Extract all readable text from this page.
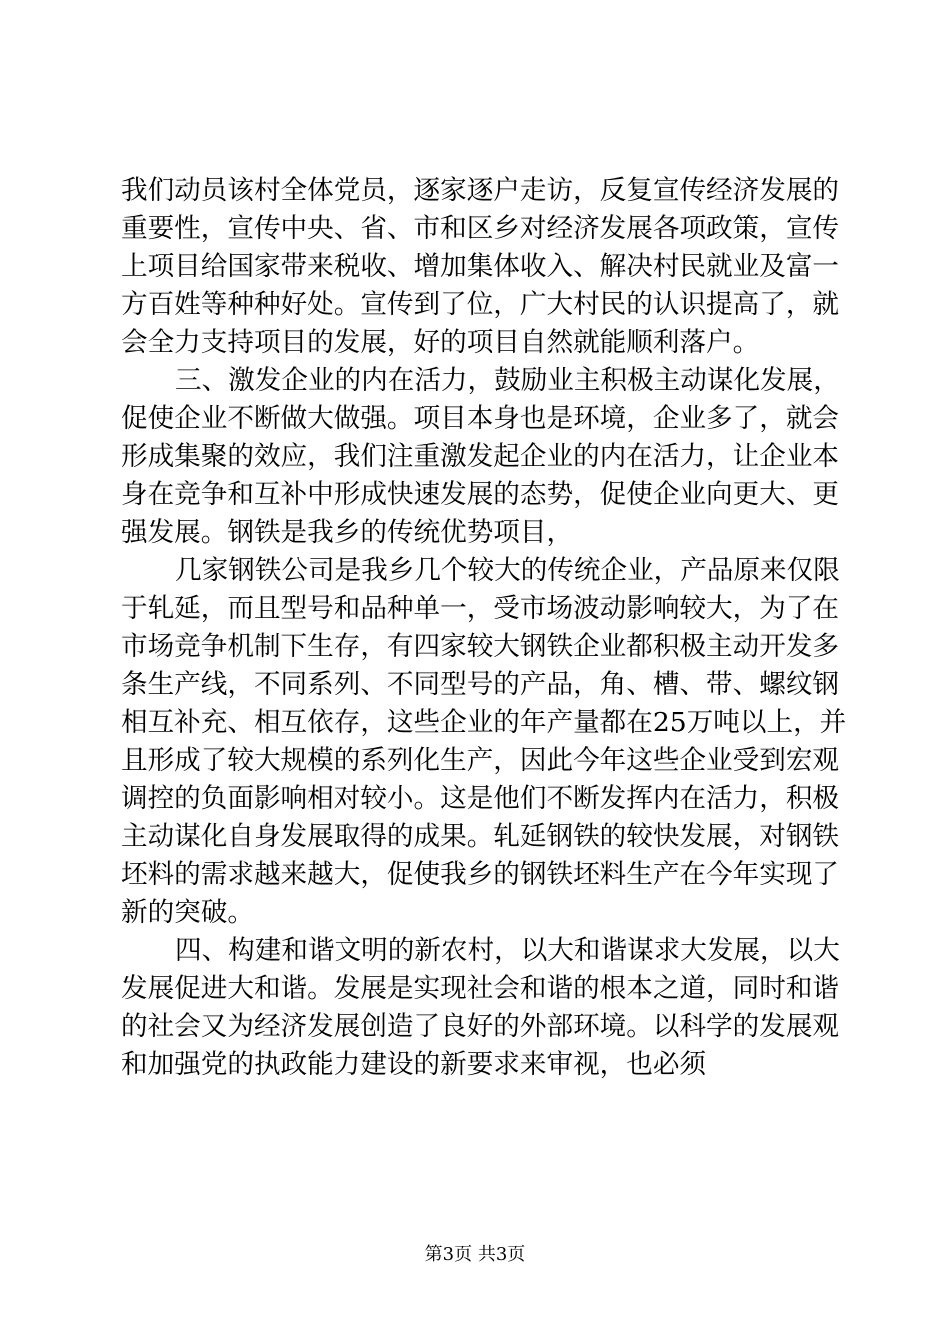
我们动员该村全体党员，逐家逐户走访，反复宣传经济发展的
重要性，宣传中央、省、市和区乡对经济发展各项政策，宣传
上项目给国家带来税收、增加集体收入、解决村民就业及富一
方百姓等种种好处。宣传到了位，广大村民的认识提高了，就
会全力支持项目的发展，好的项目自然就能顺利落户。
三、激发企业的内在活力，鼓励业主积极主动谋化发展，
促使企业不断做大做强。项目本身也是环境，企业多了，就会
形成集聚的效应，我们注重激发起企业的内在活力，让企业本
身在竞争和互补中形成快速发展的态势，促使企业向更大、更
强发展。钢铁是我乡的传统优势项目，
几家钢铁公司是我乡几个较大的传统企业，产品原来仅限
于轧延，而且型号和品种单一，受市场波动影响较大，为了在
市场竞争机制下生存，有四家较大钢铁企业都积极主动开发多
条生产线，不同系列、不同型号的产品，角、槽、带、螺纹钢
相互补充、相互依存，这些企业的年产量都在25万吨以上，并
且形成了较大规模的系列化生产，因此今年这些企业受到宏观
调控的负面影响相对较小。这是他们不断发挥内在活力，积极
主动谋化自身发展取得的成果。轧延钢铁的较快发展，对钢铁
坯料的需求越来越大，促使我乡的钢铁坯料生产在今年实现了
新的突破。
四、构建和谐文明的新农村，以大和谐谋求大发展，以大
发展促进大和谐。发展是实现社会和谐的根本之道，同时和谐
的社会又为经济发展创造了良好的外部环境。以科学的发展观
和加强党的执政能力建设的新要求来审视，也必须
第3页 共3页
